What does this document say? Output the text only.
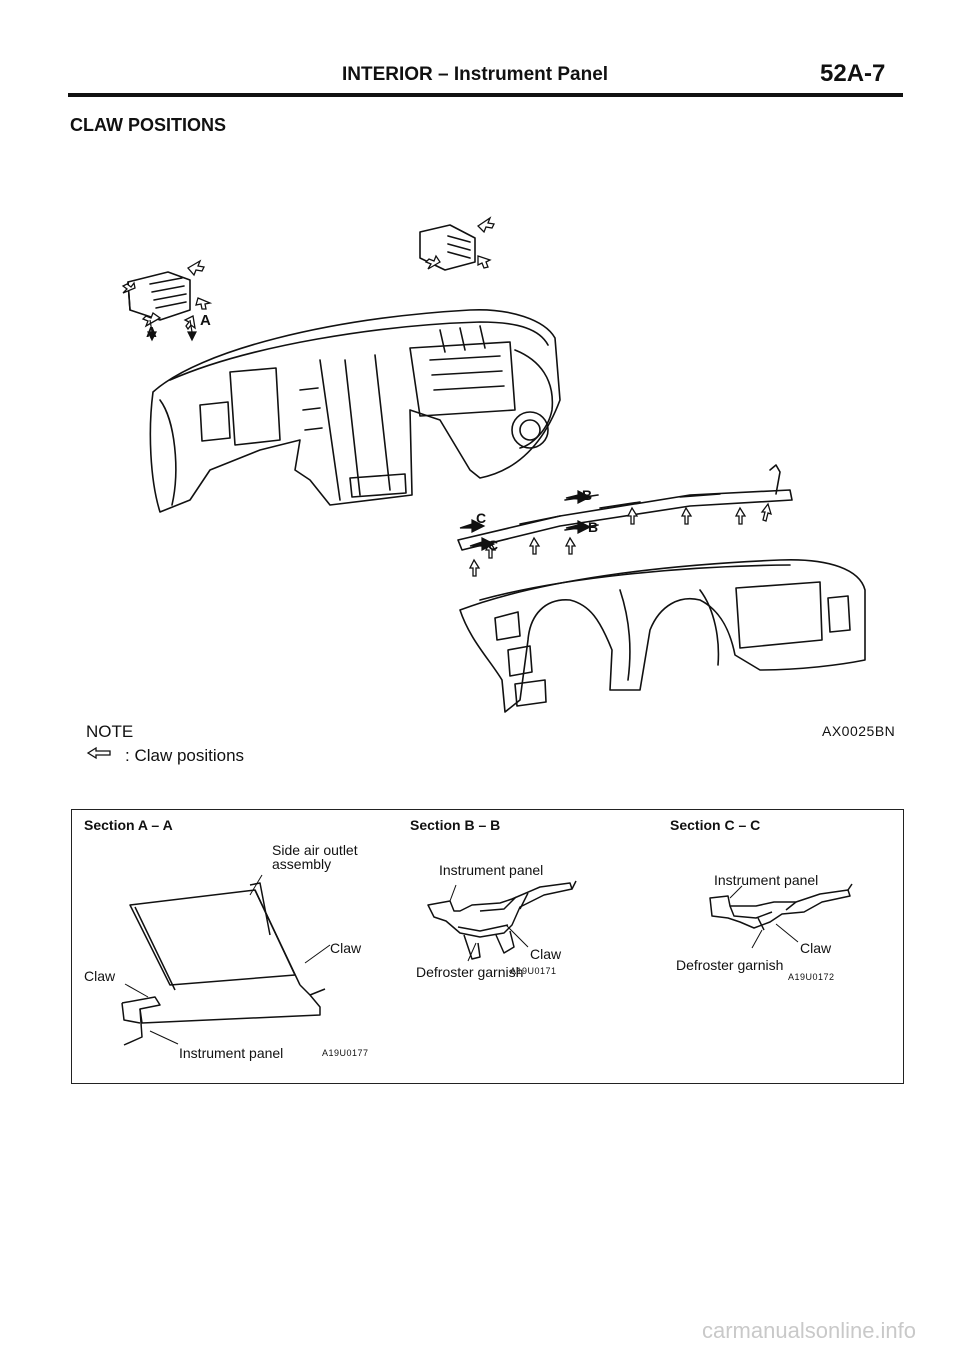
INTERIOR – Instrument Panel	52A-7
CLAW POSITIONS
A
A
B
B
C
C
NOTE
: Claw positions
AX0025BN
Section A – A
Side air outlet
assembly
Claw
Claw
Instrument panel	A19U0177
Section B – B
Instrument panel
Claw
Defroster garnish
A19U0171
Section C – C
Instrument panel
Claw
Defroster garnish
A19U0172
carmanualsonline.info
